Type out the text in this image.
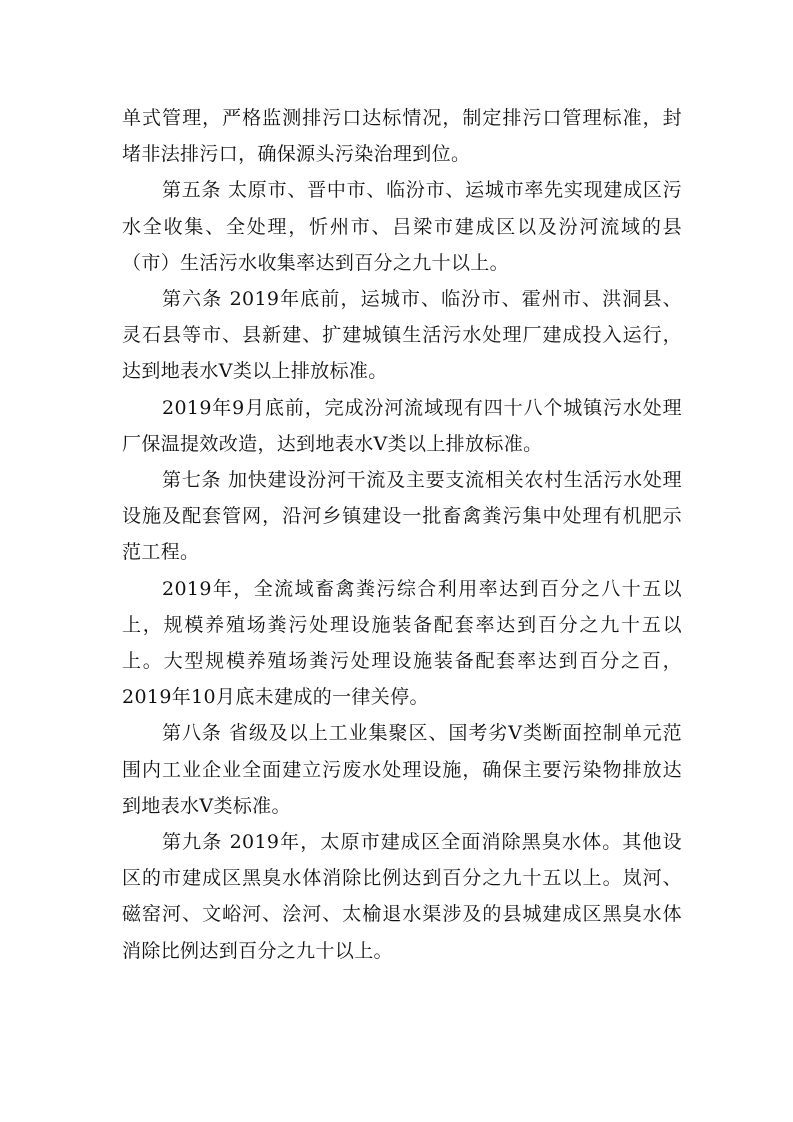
单式管理，严格监测排污口达标情况，制定排污口管理标准，封堵非法排污口，确保源头污染治理到位。

第五条 太原市、晋中市、临汾市、运城市率先实现建成区污水全收集、全处理，忻州市、吕梁市建成区以及汾河流域的县（市）生活污水收集率达到百分之九十以上。

第六条 2019年底前，运城市、临汾市、霍州市、洪洞县、灵石县等市、县新建、扩建城镇生活污水处理厂建成投入运行，达到地表水Ⅴ类以上排放标准。

2019年9月底前，完成汾河流域现有四十八个城镇污水处理厂保温提效改造，达到地表水Ⅴ类以上排放标准。

第七条 加快建设汾河干流及主要支流相关农村生活污水处理设施及配套管网，沿河乡镇建设一批畜禽粪污集中处理有机肥示范工程。

2019年，全流域畜禽粪污综合利用率达到百分之八十五以上，规模养殖场粪污处理设施装备配套率达到百分之九十五以上。大型规模养殖场粪污处理设施装备配套率达到百分之百，2019年10月底未建成的一律关停。

第八条 省级及以上工业集聚区、国考劣Ⅴ类断面控制单元范围内工业企业全面建立污废水处理设施，确保主要污染物排放达到地表水Ⅴ类标准。

第九条 2019年，太原市建成区全面消除黑臭水体。其他设区的市建成区黑臭水体消除比例达到百分之九十五以上。岚河、磁窑河、文峪河、浍河、太榆退水渠涉及的县城建成区黑臭水体消除比例达到百分之九十以上。
